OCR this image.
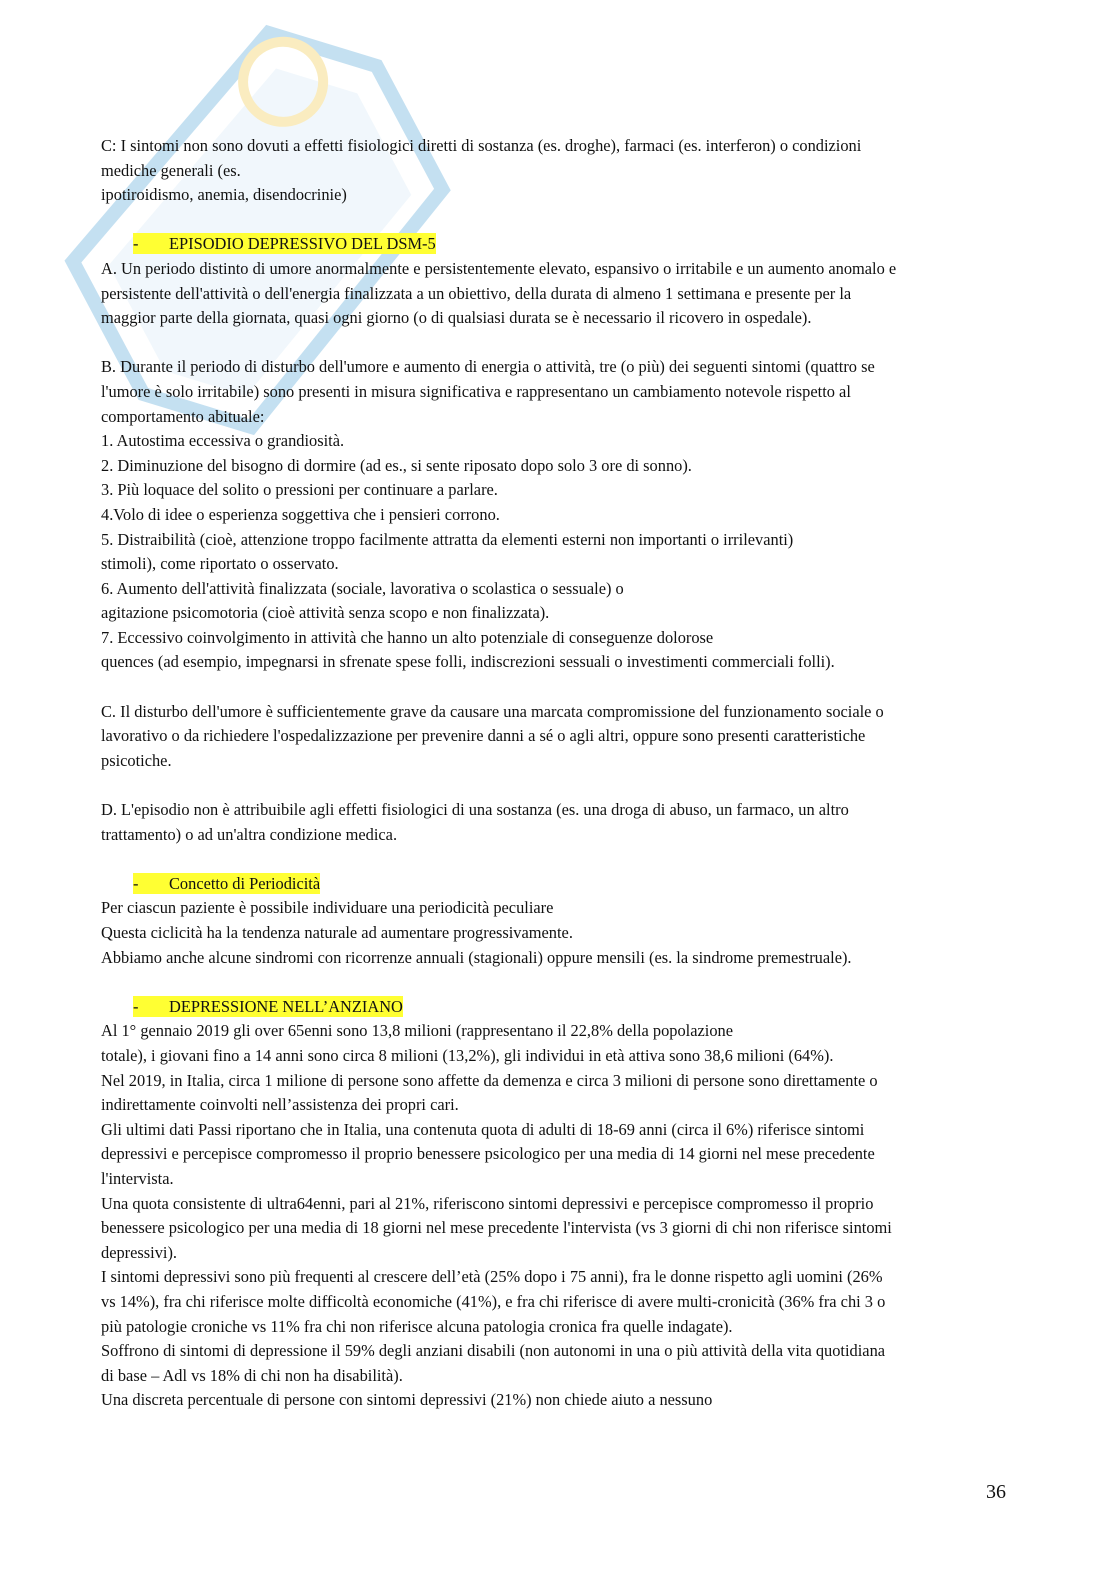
C: I sintomi non sono dovuti a effetti fisiologici diretti di sostanza (es. droghe), farmaci (es. interferon) o condizioni
mediche generali (es.
ipotiroidismo, anemia, disendocrinie)
- EPISODIO DEPRESSIVO DEL DSM-5
A. Un periodo distinto di umore anormalmente e persistentemente elevato, espansivo o irritabile e un aumento anomalo e
persistente dell'attività o dell'energia finalizzata a un obiettivo, della durata di almeno 1 settimana e presente per la
maggior parte della giornata, quasi ogni giorno (o di qualsiasi durata se è necessario il ricovero in ospedale).
B. Durante il periodo di disturbo dell'umore e aumento di energia o attività, tre (o più) dei seguenti sintomi (quattro se
l'umore è solo irritabile) sono presenti in misura significativa e rappresentano un cambiamento notevole rispetto al
comportamento abituale:
1. Autostima eccessiva o grandiosità.
2. Diminuzione del bisogno di dormire (ad es., si sente riposato dopo solo 3 ore di sonno).
3. Più loquace del solito o pressioni per continuare a parlare.
4.Volo di idee o esperienza soggettiva che i pensieri corrono.
5. Distraibilità (cioè, attenzione troppo facilmente attratta da elementi esterni non importanti o irrilevanti)
stimoli), come riportato o osservato.
6. Aumento dell'attività finalizzata (sociale, lavorativa o scolastica o sessuale) o
agitazione psicomotoria (cioè attività senza scopo e non finalizzata).
7. Eccessivo coinvolgimento in attività che hanno un alto potenziale di conseguenze dolorose
quences (ad esempio, impegnarsi in sfrenate spese folli, indiscrezioni sessuali o investimenti commerciali folli).
C. Il disturbo dell'umore è sufficientemente grave da causare una marcata compromissione del funzionamento sociale o
lavorativo o da richiedere l'ospedalizzazione per prevenire danni a sé o agli altri, oppure sono presenti caratteristiche
psicotiche.
D. L'episodio non è attribuibile agli effetti fisiologici di una sostanza (es. una droga di abuso, un farmaco, un altro
trattamento) o ad un'altra condizione medica.
- Concetto di Periodicità
Per ciascun paziente è possibile individuare una periodicità peculiare
Questa ciclicità ha la tendenza naturale ad aumentare progressivamente.
Abbiamo anche alcune sindromi con ricorrenze annuali (stagionali) oppure mensili (es. la sindrome premestruale).
- DEPRESSIONE NELL’ANZIANO
Al 1° gennaio 2019 gli over 65enni sono 13,8 milioni (rappresentano il 22,8% della popolazione
totale), i giovani fino a 14 anni sono circa 8 milioni (13,2%), gli individui in età attiva sono 38,6 milioni (64%).
Nel 2019, in Italia, circa 1 milione di persone sono affette da demenza e circa 3 milioni di persone sono direttamente o
indirettamente coinvolti nell’assistenza dei propri cari.
Gli ultimi dati Passi riportano che in Italia, una contenuta quota di adulti di 18-69 anni (circa il 6%) riferisce sintomi
depressivi e percepisce compromesso il proprio benessere psicologico per una media di 14 giorni nel mese precedente
l'intervista.
Una quota consistente di ultra64enni, pari al 21%, riferiscono sintomi depressivi e percepisce compromesso il proprio
benessere psicologico per una media di 18 giorni nel mese precedente l'intervista (vs 3 giorni di chi non riferisce sintomi
depressivi).
I sintomi depressivi sono più frequenti al crescere dell’età (25% dopo i 75 anni), fra le donne rispetto agli uomini (26%
vs 14%), fra chi riferisce molte difficoltà economiche (41%), e fra chi riferisce di avere multi-cronicità (36% fra chi 3 o
più patologie croniche vs 11% fra chi non riferisce alcuna patologia cronica fra quelle indagate).
Soffrono di sintomi di depressione il 59% degli anziani disabili (non autonomi in una o più attività della vita quotidiana
di base – Adl vs 18% di chi non ha disabilità).
Una discreta percentuale di persone con sintomi depressivi (21%) non chiede aiuto a nessuno
36
